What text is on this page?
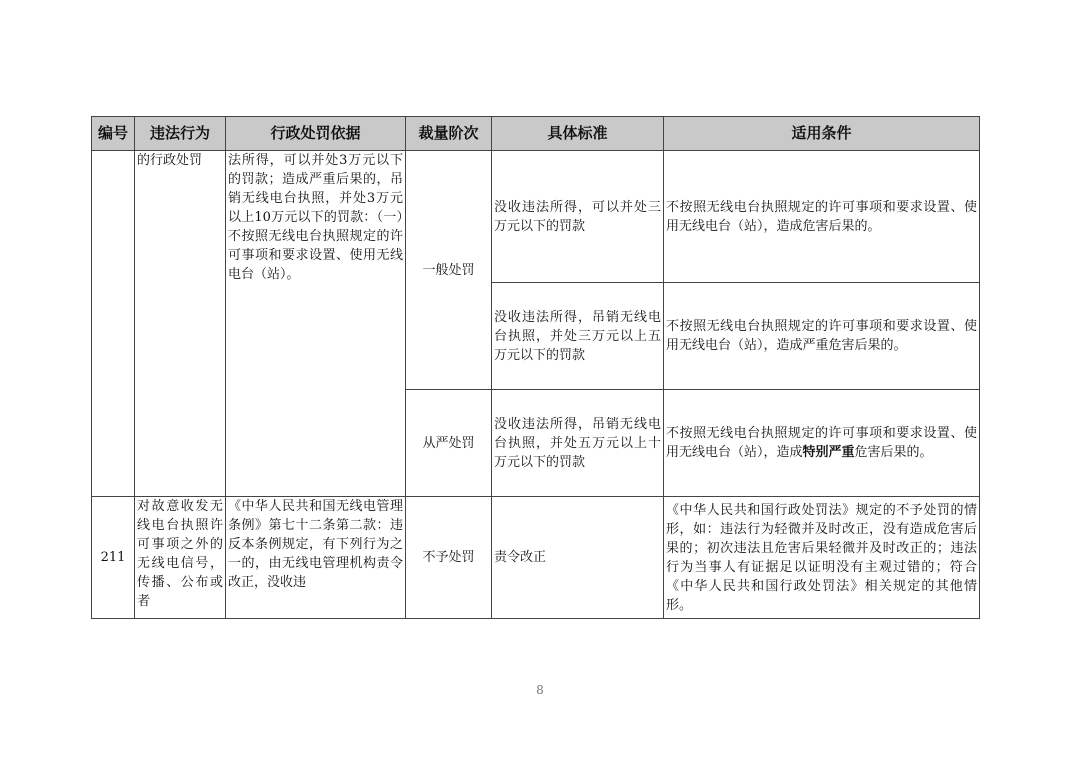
编号	违法行为	行政处罚依据	裁量阶次	具体标准	适用条件
	的行政处罚	法所得，可以并处3万元以下的罚款；造成严重后果的，吊销无线电台执照，并处3万元以上10万元以下的罚款：（一）不按照无线电台执照规定的许可事项和要求设置、使用无线电台（站）。	一般处罚	没收违法所得，可以并处三万元以下的罚款	不按照无线电台执照规定的许可事项和要求设置、使用无线电台（站），造成危害后果的。
				没收违法所得，吊销无线电台执照，并处三万元以上五万元以下的罚款	不按照无线电台执照规定的许可事项和要求设置、使用无线电台（站），造成严重危害后果的。
			从严处罚	没收违法所得，吊销无线电台执照，并处五万元以上十万元以下的罚款	不按照无线电台执照规定的许可事项和要求设置、使用无线电台（站），造成特别严重危害后果的。
211	对故意收发无线电台执照许可事项之外的无线电信号，传播、公布或者	《中华人民共和国无线电管理条例》第七十二条第二款：违反本条例规定，有下列行为之一的，由无线电管理机构责令改正，没收违	不予处罚	责令改正	《中华人民共和国行政处罚法》规定的不予处罚的情形，如：违法行为轻微并及时改正，没有造成危害后果的；初次违法且危害后果轻微并及时改正的；违法行为当事人有证据足以证明没有主观过错的；符合《中华人民共和国行政处罚法》相关规定的其他情形。
8
